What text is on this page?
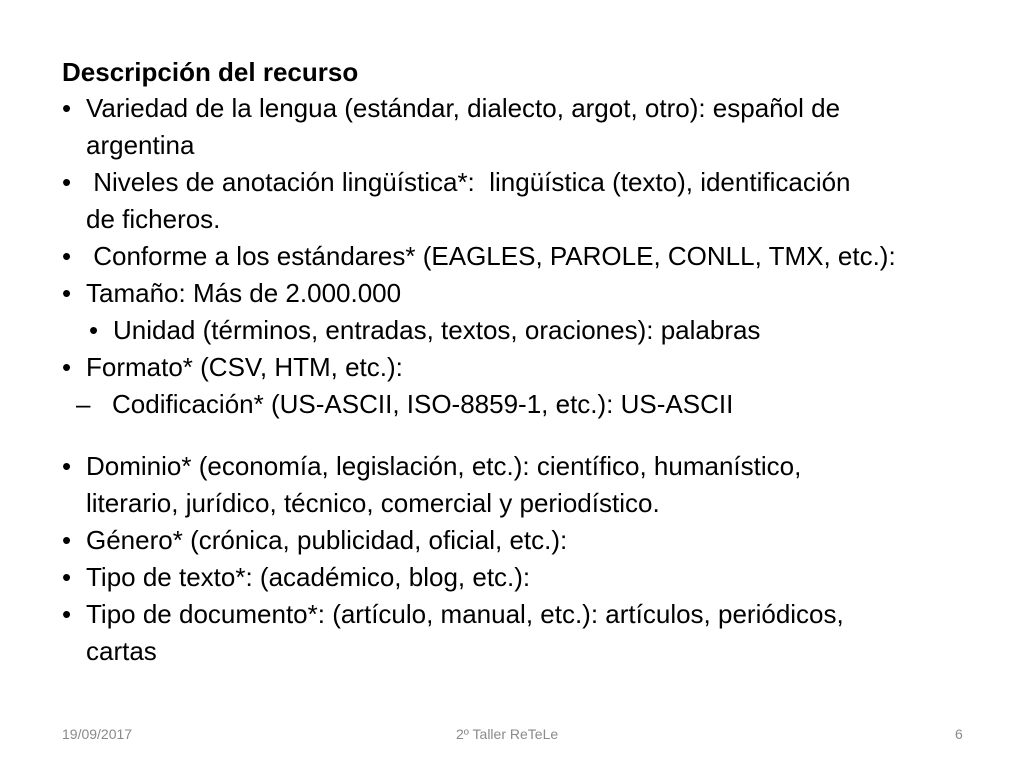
Descripción del recurso
• Variedad de la lengua (estándar, dialecto, argot, otro): español de
argentina
• Niveles de anotación lingüística*:  lingüística (texto), identificación
de ficheros.
• Conforme a los estándares* (EAGLES, PAROLE, CONLL, TMX, etc.):
• Tamaño: Más de 2.000.000
• Unidad (términos, entradas, textos, oraciones): palabras
• Formato* (CSV, HTM, etc.):
– Codificación* (US-ASCII, ISO-8859-1, etc.): US-ASCII
• Dominio* (economía, legislación, etc.): científico, humanístico,
literario, jurídico, técnico, comercial y periodístico.
• Género* (crónica, publicidad, oficial, etc.):
• Tipo de texto*: (académico, blog, etc.):
• Tipo de documento*: (artículo, manual, etc.): artículos, periódicos,
cartas
19/09/2017	2º Taller ReTeLe	6
